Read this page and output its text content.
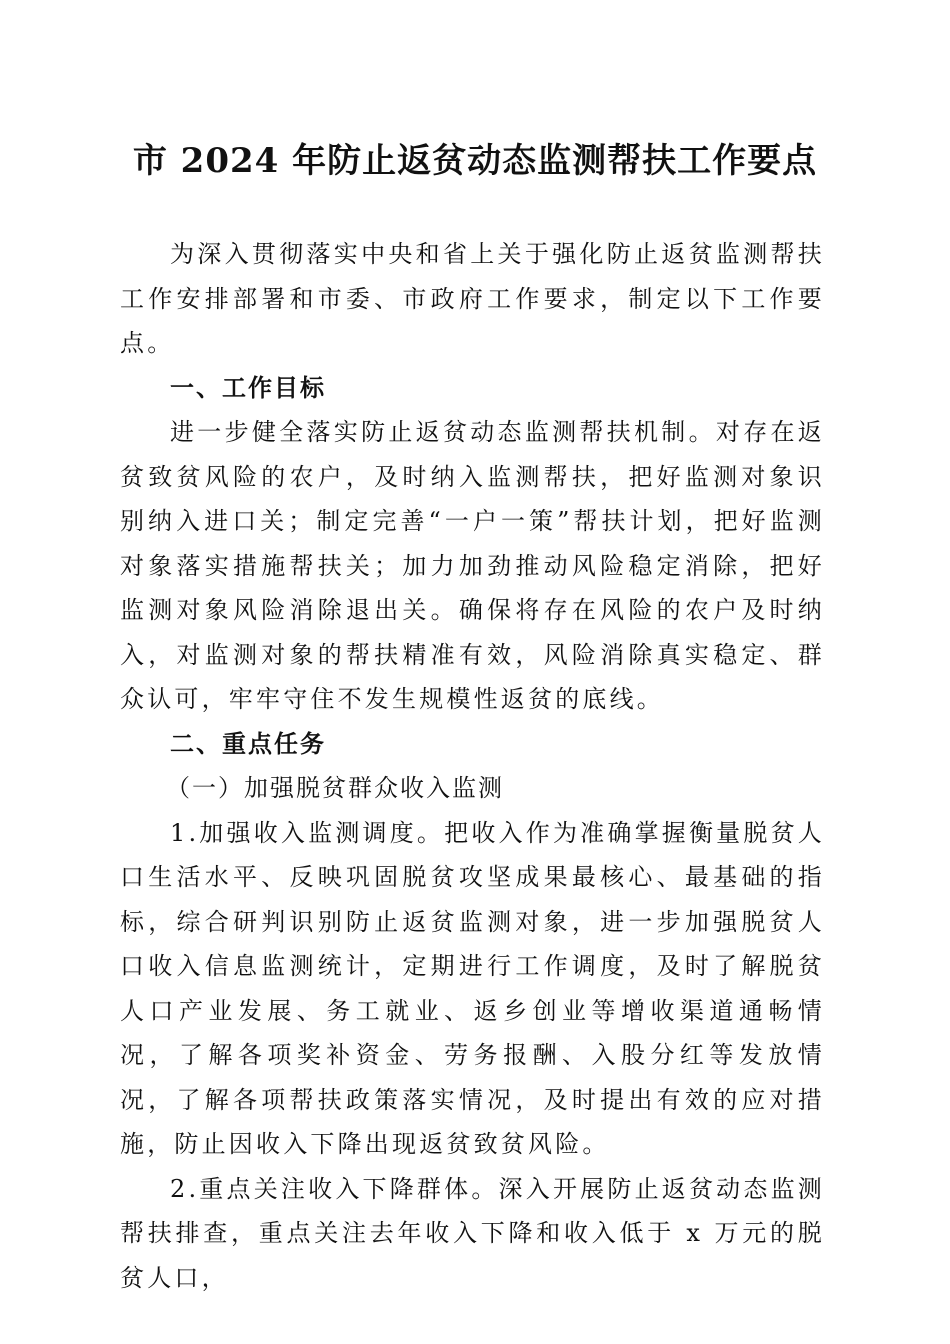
市 2024 年防止返贫动态监测帮扶工作要点

为深入贯彻落实中央和省上关于强化防止返贫监测帮扶工作安排部署和市委、市政府工作要求，制定以下工作要点。

一、工作目标

进一步健全落实防止返贫动态监测帮扶机制。对存在返贫致贫风险的农户，及时纳入监测帮扶，把好监测对象识别纳入进口关；制定完善“一户一策”帮扶计划，把好监测对象落实措施帮扶关；加力加劲推动风险稳定消除，把好监测对象风险消除退出关。确保将存在风险的农户及时纳入，对监测对象的帮扶精准有效，风险消除真实稳定、群众认可，牢牢守住不发生规模性返贫的底线。

二、重点任务

（一）加强脱贫群众收入监测

1.加强收入监测调度。把收入作为准确掌握衡量脱贫人口生活水平、反映巩固脱贫攻坚成果最核心、最基础的指标，综合研判识别防止返贫监测对象，进一步加强脱贫人口收入信息监测统计，定期进行工作调度，及时了解脱贫人口产业发展、务工就业、返乡创业等增收渠道通畅情况，了解各项奖补资金、劳务报酬、入股分红等发放情况，了解各项帮扶政策落实情况，及时提出有效的应对措施，防止因收入下降出现返贫致贫风险。

2.重点关注收入下降群体。深入开展防止返贫动态监测帮扶排查，重点关注去年收入下降和收入低于 x 万元的脱贫人口，
